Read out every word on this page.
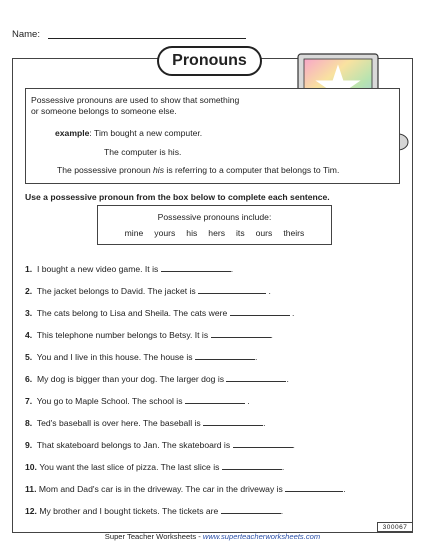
Name:
Pronouns
Possessive pronouns are used to show that something
or someone belongs to someone else.
example: Tim bought a new computer.
The computer is his.
The possessive pronoun his is referring to a computer that belongs to Tim.
Use a possessive pronoun from the box below to complete each sentence.
Possessive pronouns include:
mine yours his hers its ours theirs
1. I bought a new video game. It is	.
2. The jacket belongs to David. The jacket is	.
3. The cats belong to Lisa and Sheila. The cats were	.
4. This telephone number belongs to Betsy. It is	.
5. You and I live in this house. The house is	.
6. My dog is bigger than your dog. The larger dog is	.
7. You go to Maple School. The school is	.
8. Ted's baseball is over here. The baseball is	.
9. That skateboard belongs to Jan. The skateboard is	.
10. You want the last slice of pizza. The last slice is	.
11. Mom and Dad's car is in the driveway. The car in the driveway is	.
12. My brother and I bought tickets. The tickets are	.
Super Teacher Worksheets - www.superteacherworksheets.com
300067
